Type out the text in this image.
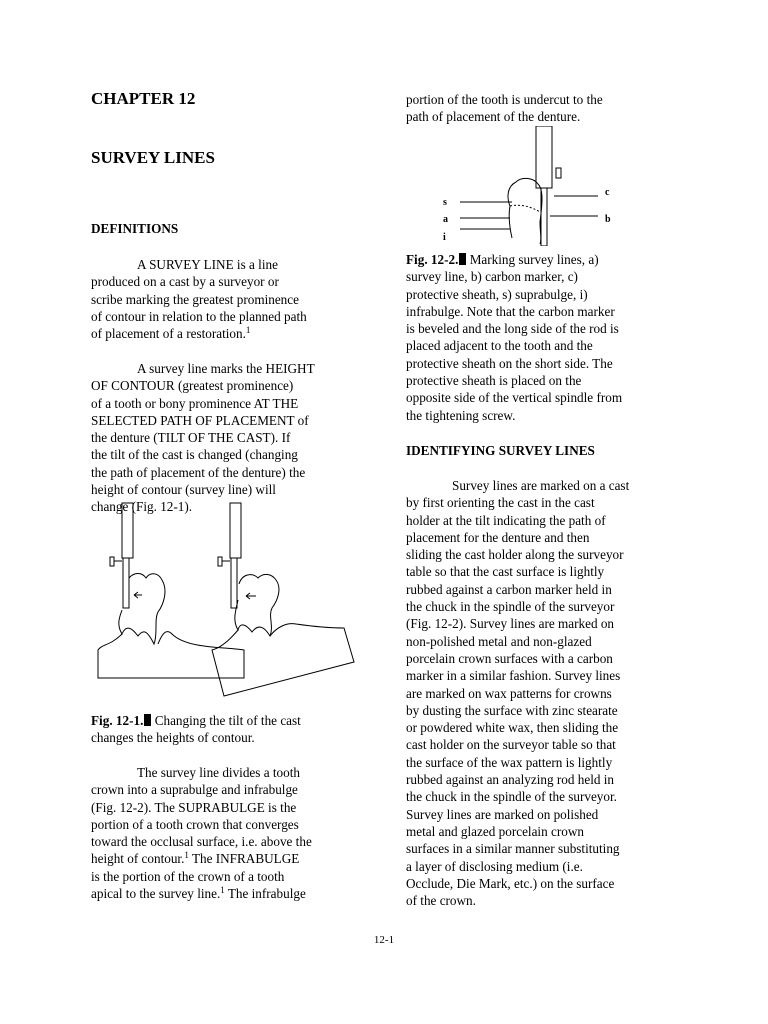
CHAPTER 12
SURVEY LINES
DEFINITIONS
A SURVEY LINE is a line
produced on a cast by a surveyor or
scribe marking the greatest prominence
of contour in relation to the planned path
of placement of a restoration.$^1$
A survey line marks the HEIGHT
OF CONTOUR (greatest prominence)
of a tooth or bony prominence AT THE
SELECTED PATH OF PLACEMENT of
the denture (TILT OF THE CAST). If
the tilt of the cast is changed (changing
the path of placement of the denture) the
height of contour (survey line) will
change (Fig. 12-1).
Fig. 12-1. Changing the tilt of the cast
changes the heights of contour.
The survey line divides a tooth
crown into a suprabulge and infrabulge
(Fig. 12-2). The SUPRABULGE is the
portion of a tooth crown that converges
toward the occlusal surface, i.e. above the
height of contour.$^1$ The INFRABULGE
is the portion of the crown of a tooth
apical to the survey line.$^1$ The infrabulge
portion of the tooth is undercut to the
path of placement of the denture.
s
a
i
c
b
Fig. 12-2. Marking survey lines, a)
survey line, b) carbon marker, c)
protective sheath, s) suprabulge, i)
infrabulge. Note that the carbon marker
is beveled and the long side of the rod is
placed adjacent to the tooth and the
protective sheath on the short side. The
protective sheath is placed on the
opposite side of the vertical spindle from
the tightening screw.
IDENTIFYING SURVEY LINES
Survey lines are marked on a cast
by first orienting the cast in the cast
holder at the tilt indicating the path of
placement for the denture and then
sliding the cast holder along the surveyor
table so that the cast surface is lightly
rubbed against a carbon marker held in
the chuck in the spindle of the surveyor
(Fig. 12-2). Survey lines are marked on
non-polished metal and non-glazed
porcelain crown surfaces with a carbon
marker in a similar fashion. Survey lines
are marked on wax patterns for crowns
by dusting the surface with zinc stearate
or powdered white wax, then sliding the
cast holder on the surveyor table so that
the surface of the wax pattern is lightly
rubbed against an analyzing rod held in
the chuck in the spindle of the surveyor.
Survey lines are marked on polished
metal and glazed porcelain crown
surfaces in a similar manner substituting
a layer of disclosing medium (i.e.
Occlude, Die Mark, etc.) on the surface
of the crown.
12-1
